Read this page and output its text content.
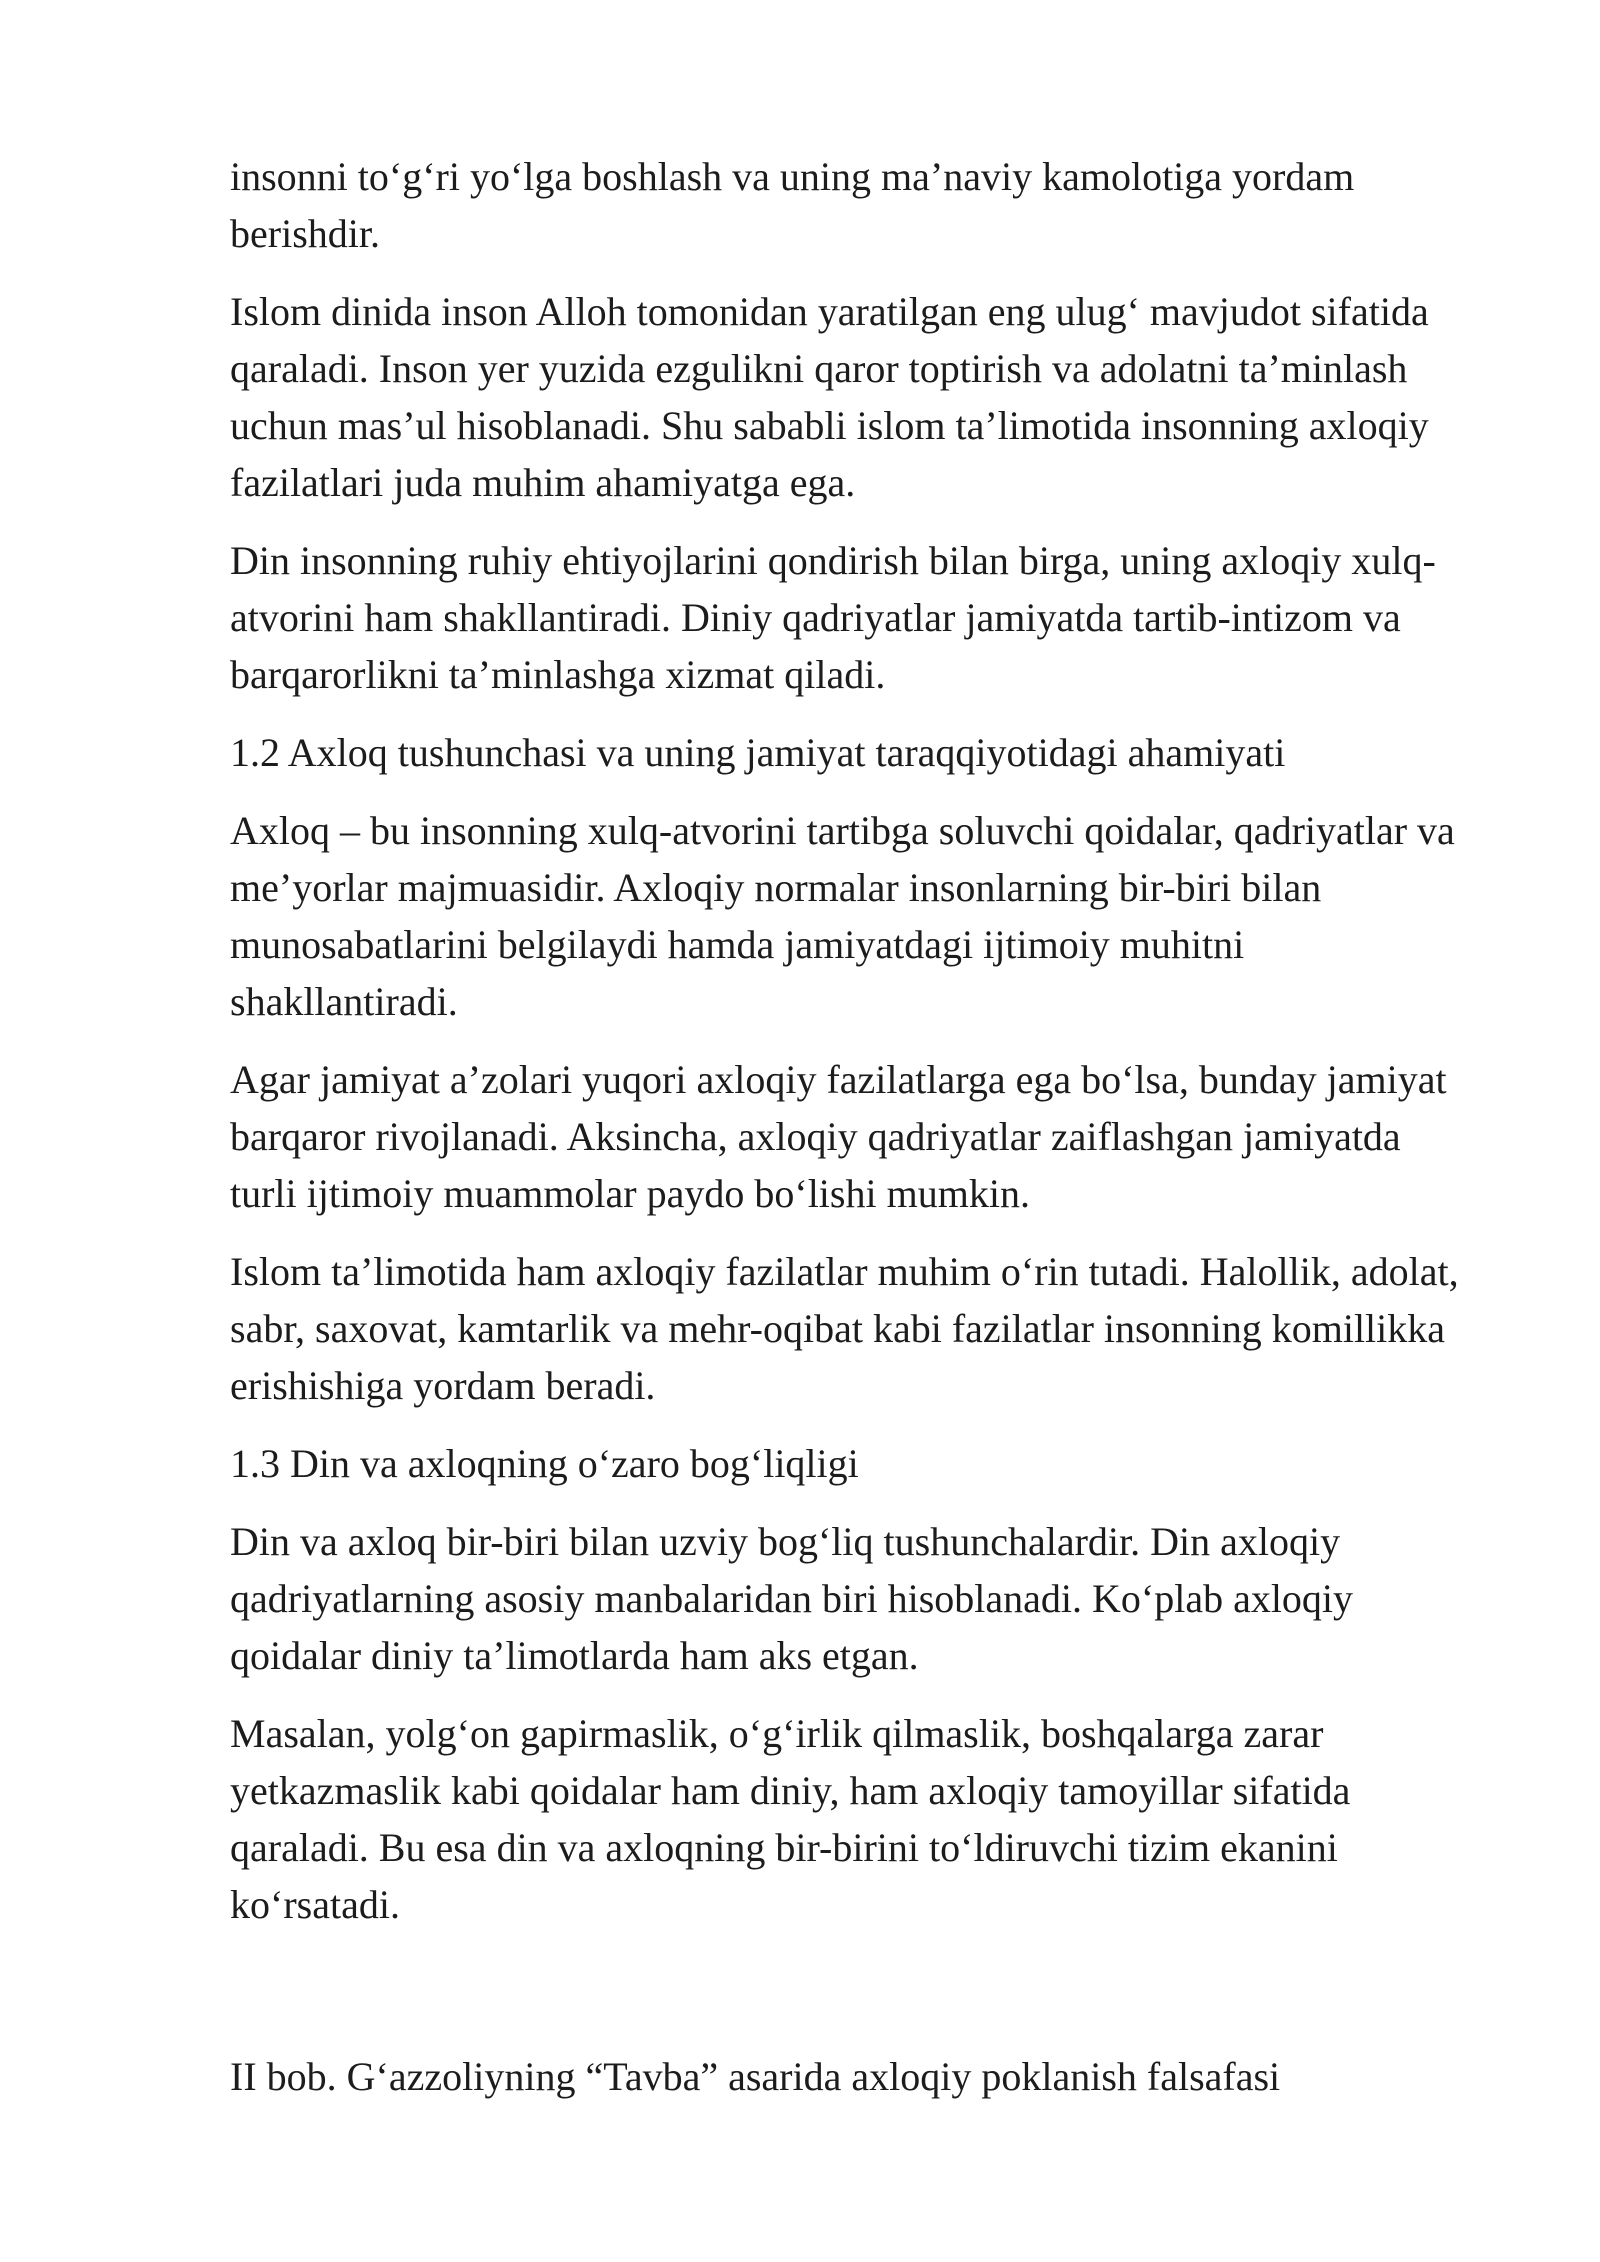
insonni to‘g‘ri yo‘lga boshlash va uning ma’naviy kamolotiga yordam berishdir.

Islom dinida inson Alloh tomonidan yaratilgan eng ulug‘ mavjudot sifatida qaraladi. Inson yer yuzida ezgulikni qaror toptirish va adolatni ta’minlash uchun mas’ul hisoblanadi. Shu sababli islom ta’limotida insonning axloqiy fazilatlari juda muhim ahamiyatga ega.

Din insonning ruhiy ehtiyojlarini qondirish bilan birga, uning axloqiy xulq-atvorini ham shakllantiradi. Diniy qadriyatlar jamiyatda tartib-intizom va barqarorlikni ta’minlashga xizmat qiladi.

1.2 Axloq tushunchasi va uning jamiyat taraqqiyotidagi ahamiyati

Axloq – bu insonning xulq-atvorini tartibga soluvchi qoidalar, qadriyatlar va me’yorlar majmuasidir. Axloqiy normalar insonlarning bir-biri bilan munosabatlarini belgilaydi hamda jamiyatdagi ijtimoiy muhitni shakllantiradi.

Agar jamiyat a’zolari yuqori axloqiy fazilatlarga ega bo‘lsa, bunday jamiyat barqaror rivojlanadi. Aksincha, axloqiy qadriyatlar zaiflashgan jamiyatda turli ijtimoiy muammolar paydo bo‘lishi mumkin.

Islom ta’limotida ham axloqiy fazilatlar muhim o‘rin tutadi. Halollik, adolat, sabr, saxovat, kamtarlik va mehr-oqibat kabi fazilatlar insonning komillikka erishishiga yordam beradi.

1.3 Din va axloqning o‘zaro bog‘liqligi

Din va axloq bir-biri bilan uzviy bog‘liq tushunchalardir. Din axloqiy qadriyatlarning asosiy manbalaridan biri hisoblanadi. Ko‘plab axloqiy qoidalar diniy ta’limotlarda ham aks etgan.

Masalan, yolg‘on gapirmaslik, o‘g‘irlik qilmaslik, boshqalarga zarar yetkazmaslik kabi qoidalar ham diniy, ham axloqiy tamoyillar sifatida qaraladi. Bu esa din va axloqning bir-birini to‘ldiruvchi tizim ekanini ko‘rsatadi.

II bob. G‘azzoliyning “Tavba” asarida axloqiy poklanish falsafasi
